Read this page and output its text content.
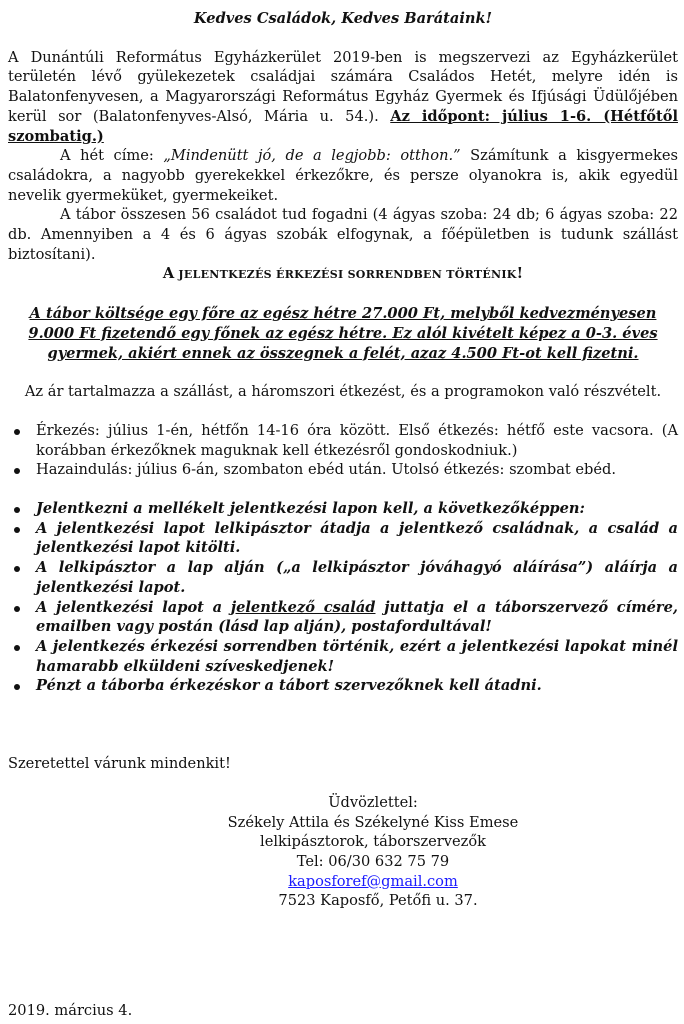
Kedves Családok, Kedves Barátaink!

A Dunántúli Református Egyházkerület 2019-ben is megszervezi az Egyházkerület területén lévő gyülekezetek családjai számára Családos Hetét, melyre idén is Balatonfenyvesen, a Magyarországi Református Egyház Gyermek és Ifjúsági Üdülőjében kerül sor (Balatonfenyves-Alsó, Mária u. 54.). Az időpont: július 1-6. (Hétfőtől szombatig.)

A hét címe: „Mindenütt jó, de a legjobb: otthon.” Számítunk a kisgyermekes családokra, a nagyobb gyerekekkel érkezőkre, és persze olyanokra is, akik egyedül nevelik gyermeküket, gyermekeiket.

A tábor összesen 56 családot tud fogadni (4 ágyas szoba: 24 db; 6 ágyas szoba: 22 db. Amennyiben a 4 és 6 ágyas szobák elfogynak, a főépületben is tudunk szállást biztosítani).

A JELENTKEZÉS ÉRKEZÉSI SORRENDBEN TÖRTÉNIK!

A tábor költsége egy főre az egész hétre 27.000 Ft, melyből kedvezményesen 9.000 Ft fizetendő egy főnek az egész hétre. Ez alól kivételt képez a 0-3. éves gyermek, akiért ennek az összegnek a felét, azaz 4.500 Ft-ot kell fizetni.

Az ár tartalmazza a szállást, a háromszori étkezést, és a programokon való részvételt.

Érkezés: július 1-én, hétfőn 14-16 óra között. Első étkezés: hétfő este vacsora. (A korábban érkezőknek maguknak kell étkezésről gondoskodniuk.)
Hazaindulás: július 6-án, szombaton ebéd után. Utolsó étkezés: szombat ebéd.
Jelentkezni a mellékelt jelentkezési lapon kell, a következőképpen:
A jelentkezési lapot lelkipásztor átadja a jelentkező családnak, a család a jelentkezési lapot kitölti.
A lelkipásztor a lap alján („a lelkipásztor jóváhagyó aláírása”) aláírja a jelentkezési lapot.
A jelentkezési lapot a jelentkező család juttatja el a táborszervező címére, emailben vagy postán (lásd lap alján), postafordultával!
A jelentkezés érkezési sorrendben történik, ezért a jelentkezési lapokat minél hamarabb elküldeni szíveskedjenek!
Pénzt a táborba érkezéskor a tábort szervezőknek kell átadni.

Szeretettel várunk mindenkit!

Üdvözlettel:
Székely Attila és Székelyné Kiss Emese
lelkipásztorok, táborszervezők
Tel: 06/30 632 75 79
kaposforef@gmail.com
7523 Kaposfő, Petőfi u. 37.

2019. március 4.
